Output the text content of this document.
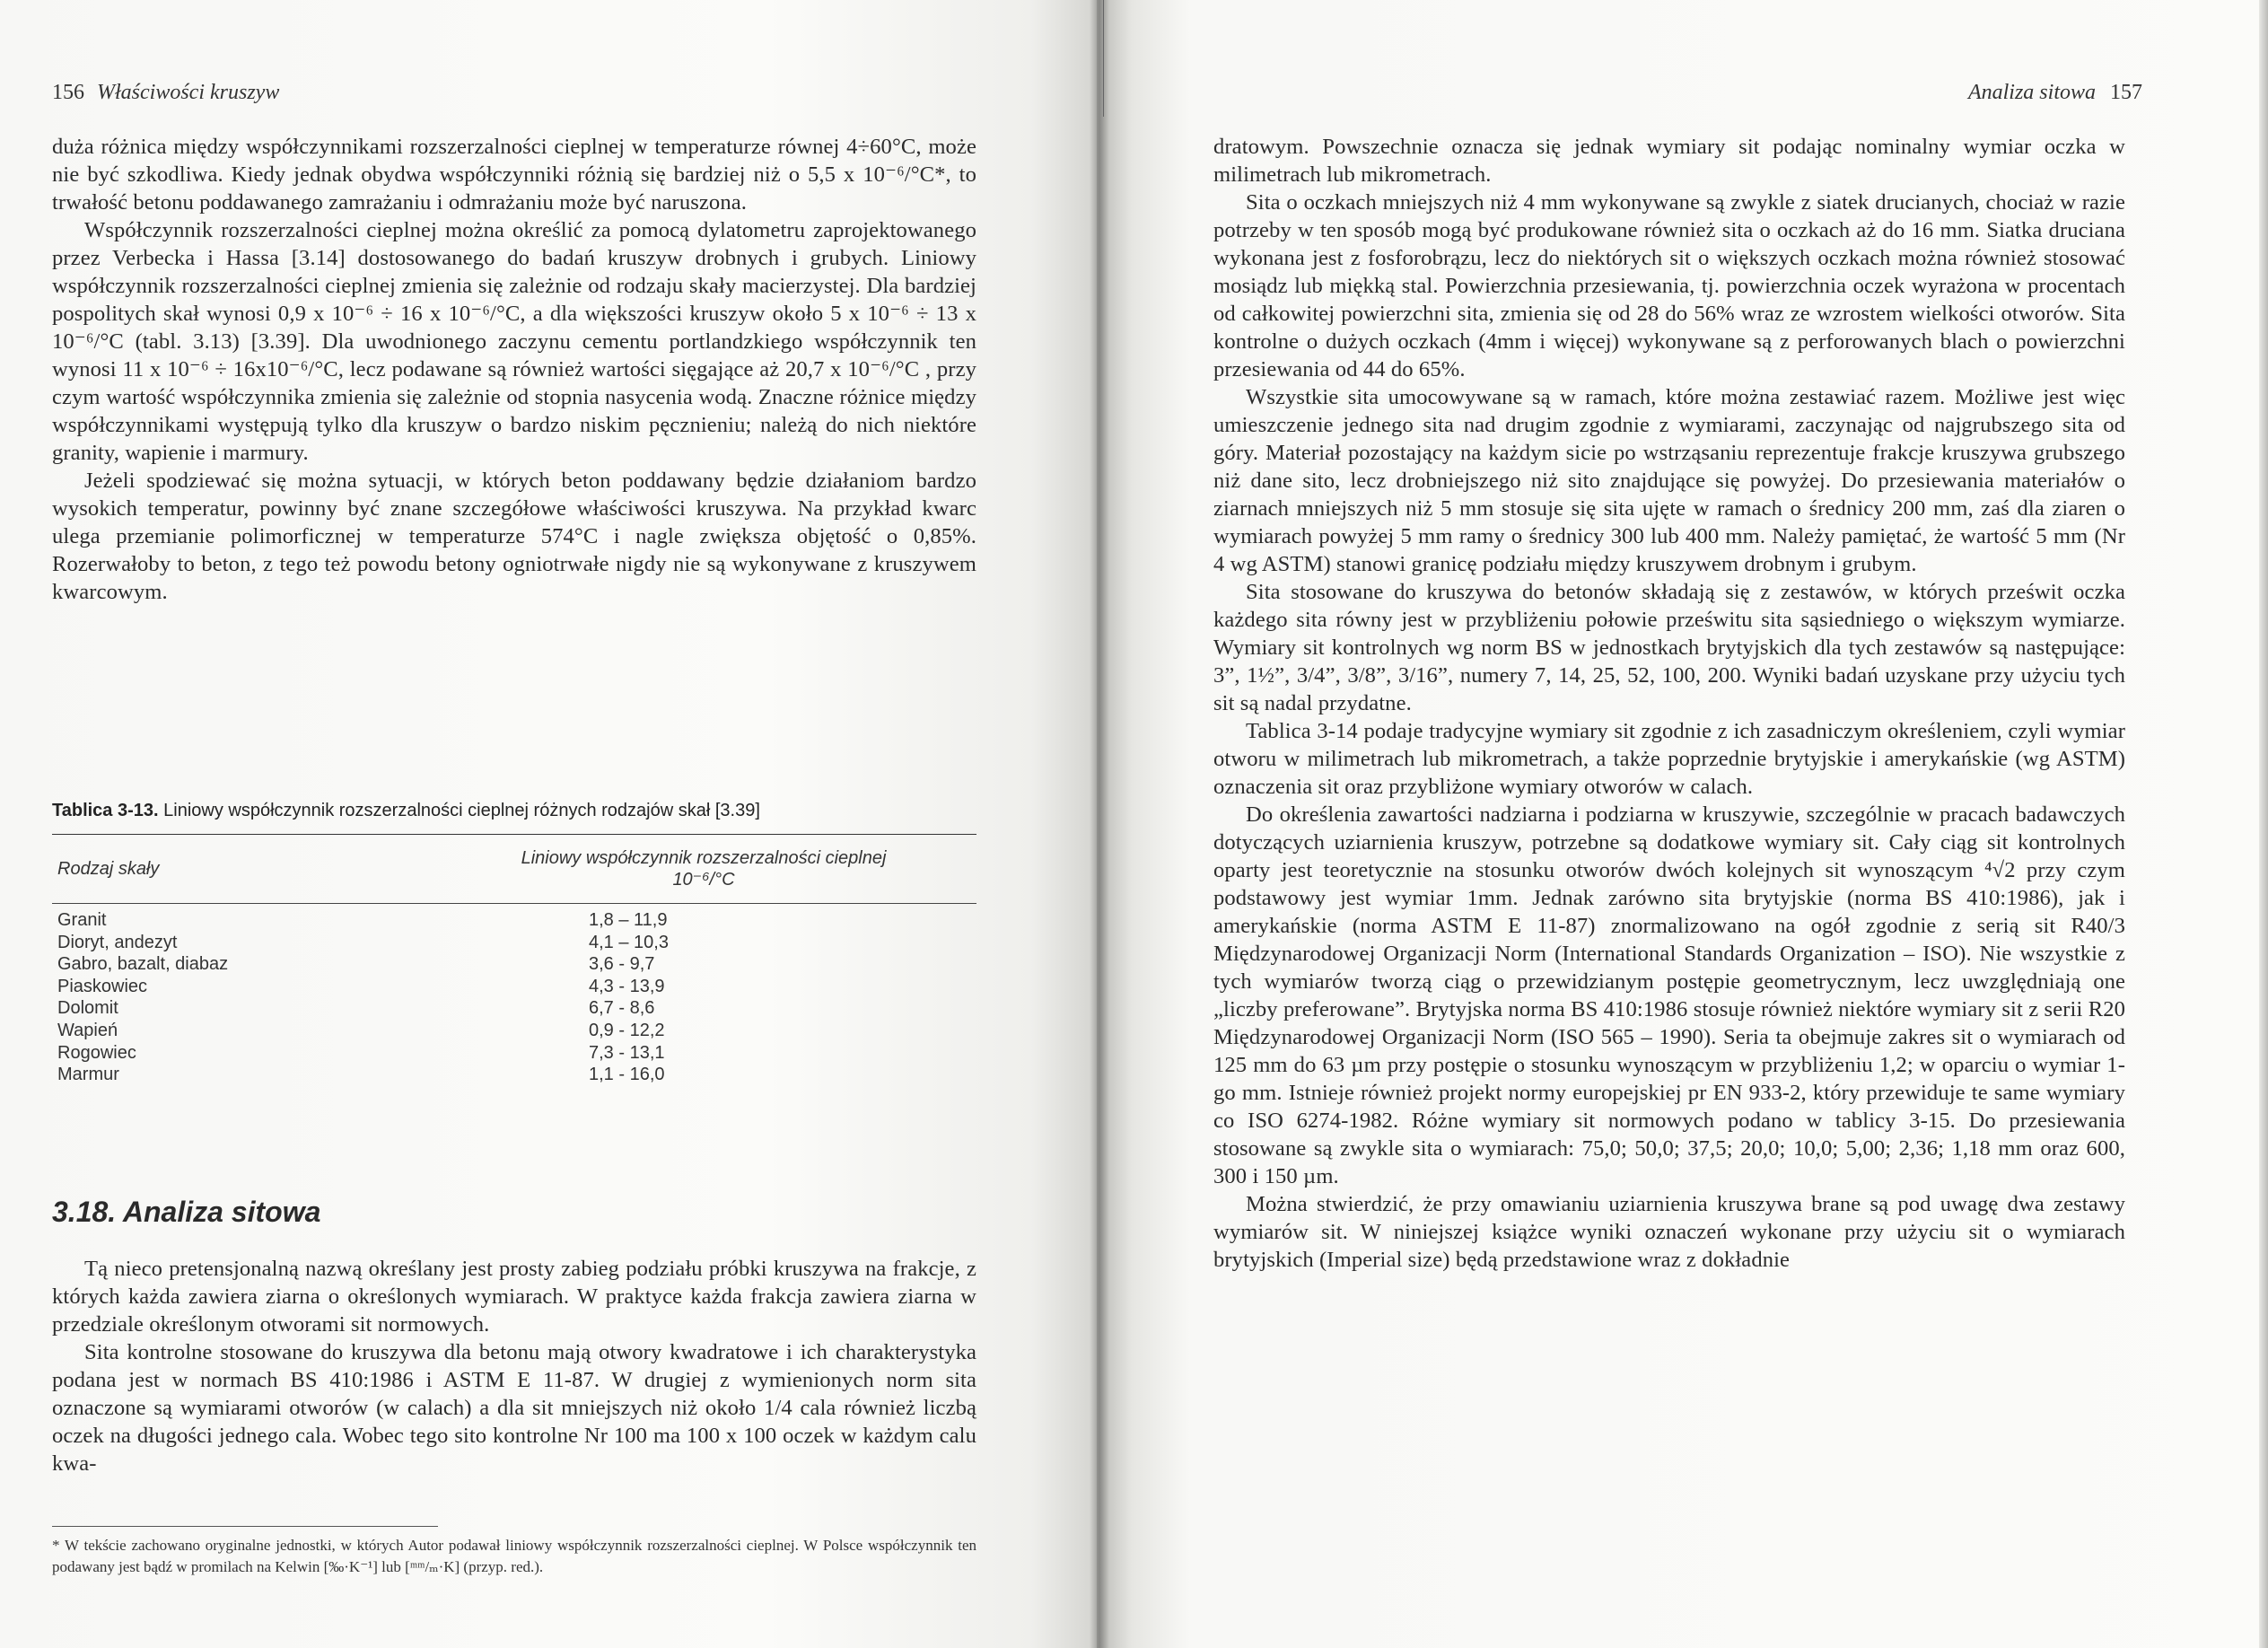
156 Właściwości kruszyw

duża różnica między współczynnikami rozszerzalności cieplnej w temperaturze równej 4÷60°C, może nie być szkodliwa. Kiedy jednak obydwa współczynniki różnią się bardziej niż o 5,5 x 10⁻⁶/°C*, to trwałość betonu poddawanego zamrażaniu i odmrażaniu może być naruszona.

Współczynnik rozszerzalności cieplnej można określić za pomocą dylatometru zaprojektowanego przez Verbecka i Hassa [3.14] dostosowanego do badań kruszyw drobnych i grubych. Liniowy współczynnik rozszerzalności cieplnej zmienia się zależnie od rodzaju skały macierzystej. Dla bardziej pospolitych skał wynosi 0,9 x 10⁻⁶ ÷ 16 x 10⁻⁶/°C, a dla większości kruszyw około 5 x 10⁻⁶ ÷ 13 x 10⁻⁶/°C (tabl. 3.13) [3.39]. Dla uwodnionego zaczynu cementu portlandzkiego współczynnik ten wynosi 11 x 10⁻⁶ ÷ 16x10⁻⁶/°C, lecz podawane są również wartości sięgające aż 20,7 x 10⁻⁶/°C , przy czym wartość współczynnika zmienia się zależnie od stopnia nasycenia wodą. Znaczne różnice między współczynnikami występują tylko dla kruszyw o bardzo niskim pęcznieniu; należą do nich niektóre granity, wapienie i marmury.

Jeżeli spodziewać się można sytuacji, w których beton poddawany będzie działaniom bardzo wysokich temperatur, powinny być znane szczegółowe właściwości kruszywa. Na przykład kwarc ulega przemianie polimorficznej w temperaturze 574°C i nagle zwiększa objętość o 0,85%. Rozerwałoby to beton, z tego też powodu betony ogniotrwałe nigdy nie są wykonywane z kruszywem kwarcowym.

Tablica 3-13. Liniowy współczynnik rozszerzalności cieplnej różnych rodzajów skał [3.39]
Rodzaj skały
Liniowy współczynnik rozszerzalności cieplnej
10⁻⁶/°C
Granit	1,8 – 11,9
Dioryt, andezyt	4,1 – 10,3
Gabro, bazalt, diabaz	3,6 - 9,7
Piaskowiec	4,3 - 13,9
Dolomit	6,7 - 8,6
Wapień	0,9 - 12,2
Rogowiec	7,3 - 13,1
Marmur	1,1 - 16,0
3.18. Analiza sitowa

Tą nieco pretensjonalną nazwą określany jest prosty zabieg podziału próbki kruszywa na frakcje, z których każda zawiera ziarna o określonych wymiarach. W praktyce każda frakcja zawiera ziarna w przedziale określonym otworami sit normowych.

Sita kontrolne stosowane do kruszywa dla betonu mają otwory kwadratowe i ich charakterystyka podana jest w normach BS 410:1986 i ASTM E 11-87. W drugiej z wymienionych norm sita oznaczone są wymiarami otworów (w calach) a dla sit mniejszych niż około 1/4 cala również liczbą oczek na długości jednego cala. Wobec tego sito kontrolne Nr 100 ma 100 x 100 oczek w każdym calu kwa-

* W tekście zachowano oryginalne jednostki, w których Autor podawał liniowy współczynnik rozszerzalności cieplnej. W Polsce współczynnik ten podawany jest bądź w promilach na Kelwin [‰·K⁻¹] lub [ᵐᵐ/ₘ·K] (przyp. red.).
Analiza sitowa 157

dratowym. Powszechnie oznacza się jednak wymiary sit podając nominalny wymiar oczka w milimetrach lub mikrometrach.

Sita o oczkach mniejszych niż 4 mm wykonywane są zwykle z siatek drucianych, chociaż w razie potrzeby w ten sposób mogą być produkowane również sita o oczkach aż do 16 mm. Siatka druciana wykonana jest z fosforobrązu, lecz do niektórych sit o większych oczkach można również stosować mosiądz lub miękką stal. Powierzchnia przesiewania, tj. powierzchnia oczek wyrażona w procentach od całkowitej powierzchni sita, zmienia się od 28 do 56% wraz ze wzrostem wielkości otworów. Sita kontrolne o dużych oczkach (4mm i więcej) wykonywane są z perforowanych blach o powierzchni przesiewania od 44 do 65%.

Wszystkie sita umocowywane są w ramach, które można zestawiać razem. Możliwe jest więc umieszczenie jednego sita nad drugim zgodnie z wymiarami, zaczynając od najgrubszego sita od góry. Materiał pozostający na każdym sicie po wstrząsaniu reprezentuje frakcje kruszywa grubszego niż dane sito, lecz drobniejszego niż sito znajdujące się powyżej. Do przesiewania materiałów o ziarnach mniejszych niż 5 mm stosuje się sita ujęte w ramach o średnicy 200 mm, zaś dla ziaren o wymiarach powyżej 5 mm ramy o średnicy 300 lub 400 mm. Należy pamiętać, że wartość 5 mm (Nr 4 wg ASTM) stanowi granicę podziału między kruszywem drobnym i grubym.

Sita stosowane do kruszywa do betonów składają się z zestawów, w których prześwit oczka każdego sita równy jest w przybliżeniu połowie prześwitu sita sąsiedniego o większym wymiarze. Wymiary sit kontrolnych wg norm BS w jednostkach brytyjskich dla tych zestawów są następujące: 3”, 1½”, 3/4”, 3/8”, 3/16”, numery 7, 14, 25, 52, 100, 200. Wyniki badań uzyskane przy użyciu tych sit są nadal przydatne.

Tablica 3-14 podaje tradycyjne wymiary sit zgodnie z ich zasadniczym określeniem, czyli wymiar otworu w milimetrach lub mikrometrach, a także poprzednie brytyjskie i amerykańskie (wg ASTM) oznaczenia sit oraz przybliżone wymiary otworów w calach.

Do określenia zawartości nadziarna i podziarna w kruszywie, szczególnie w pracach badawczych dotyczących uziarnienia kruszyw, potrzebne są dodatkowe wymiary sit. Cały ciąg sit kontrolnych oparty jest teoretycznie na stosunku otworów dwóch kolejnych sit wynoszącym ⁴√2 przy czym podstawowy jest wymiar 1mm. Jednak zarówno sita brytyjskie (norma BS 410:1986), jak i amerykańskie (norma ASTM E 11-87) znormalizowano na ogół zgodnie z serią sit R40/3 Międzynarodowej Organizacji Norm (International Standards Organization – ISO). Nie wszystkie z tych wymiarów tworzą ciąg o przewidzianym postępie geometrycznym, lecz uwzględniają one „liczby preferowane”. Brytyjska norma BS 410:1986 stosuje również niektóre wymiary sit z serii R20 Międzynarodowej Organizacji Norm (ISO 565 – 1990). Seria ta obejmuje zakres sit o wymiarach od 125 mm do 63 µm przy postępie o stosunku wynoszącym w przybliżeniu 1,2; w oparciu o wymiar 1-go mm. Istnieje również projekt normy europejskiej pr EN 933-2, który przewiduje te same wymiary co ISO 6274-1982. Różne wymiary sit normowych podano w tablicy 3-15. Do przesiewania stosowane są zwykle sita o wymiarach: 75,0; 50,0; 37,5; 20,0; 10,0; 5,00; 2,36; 1,18 mm oraz 600, 300 i 150 µm.

Można stwierdzić, że przy omawianiu uziarnienia kruszywa brane są pod uwagę dwa zestawy wymiarów sit. W niniejszej książce wyniki oznaczeń wykonane przy użyciu sit o wymiarach brytyjskich (Imperial size) będą przedstawione wraz z dokładnie
